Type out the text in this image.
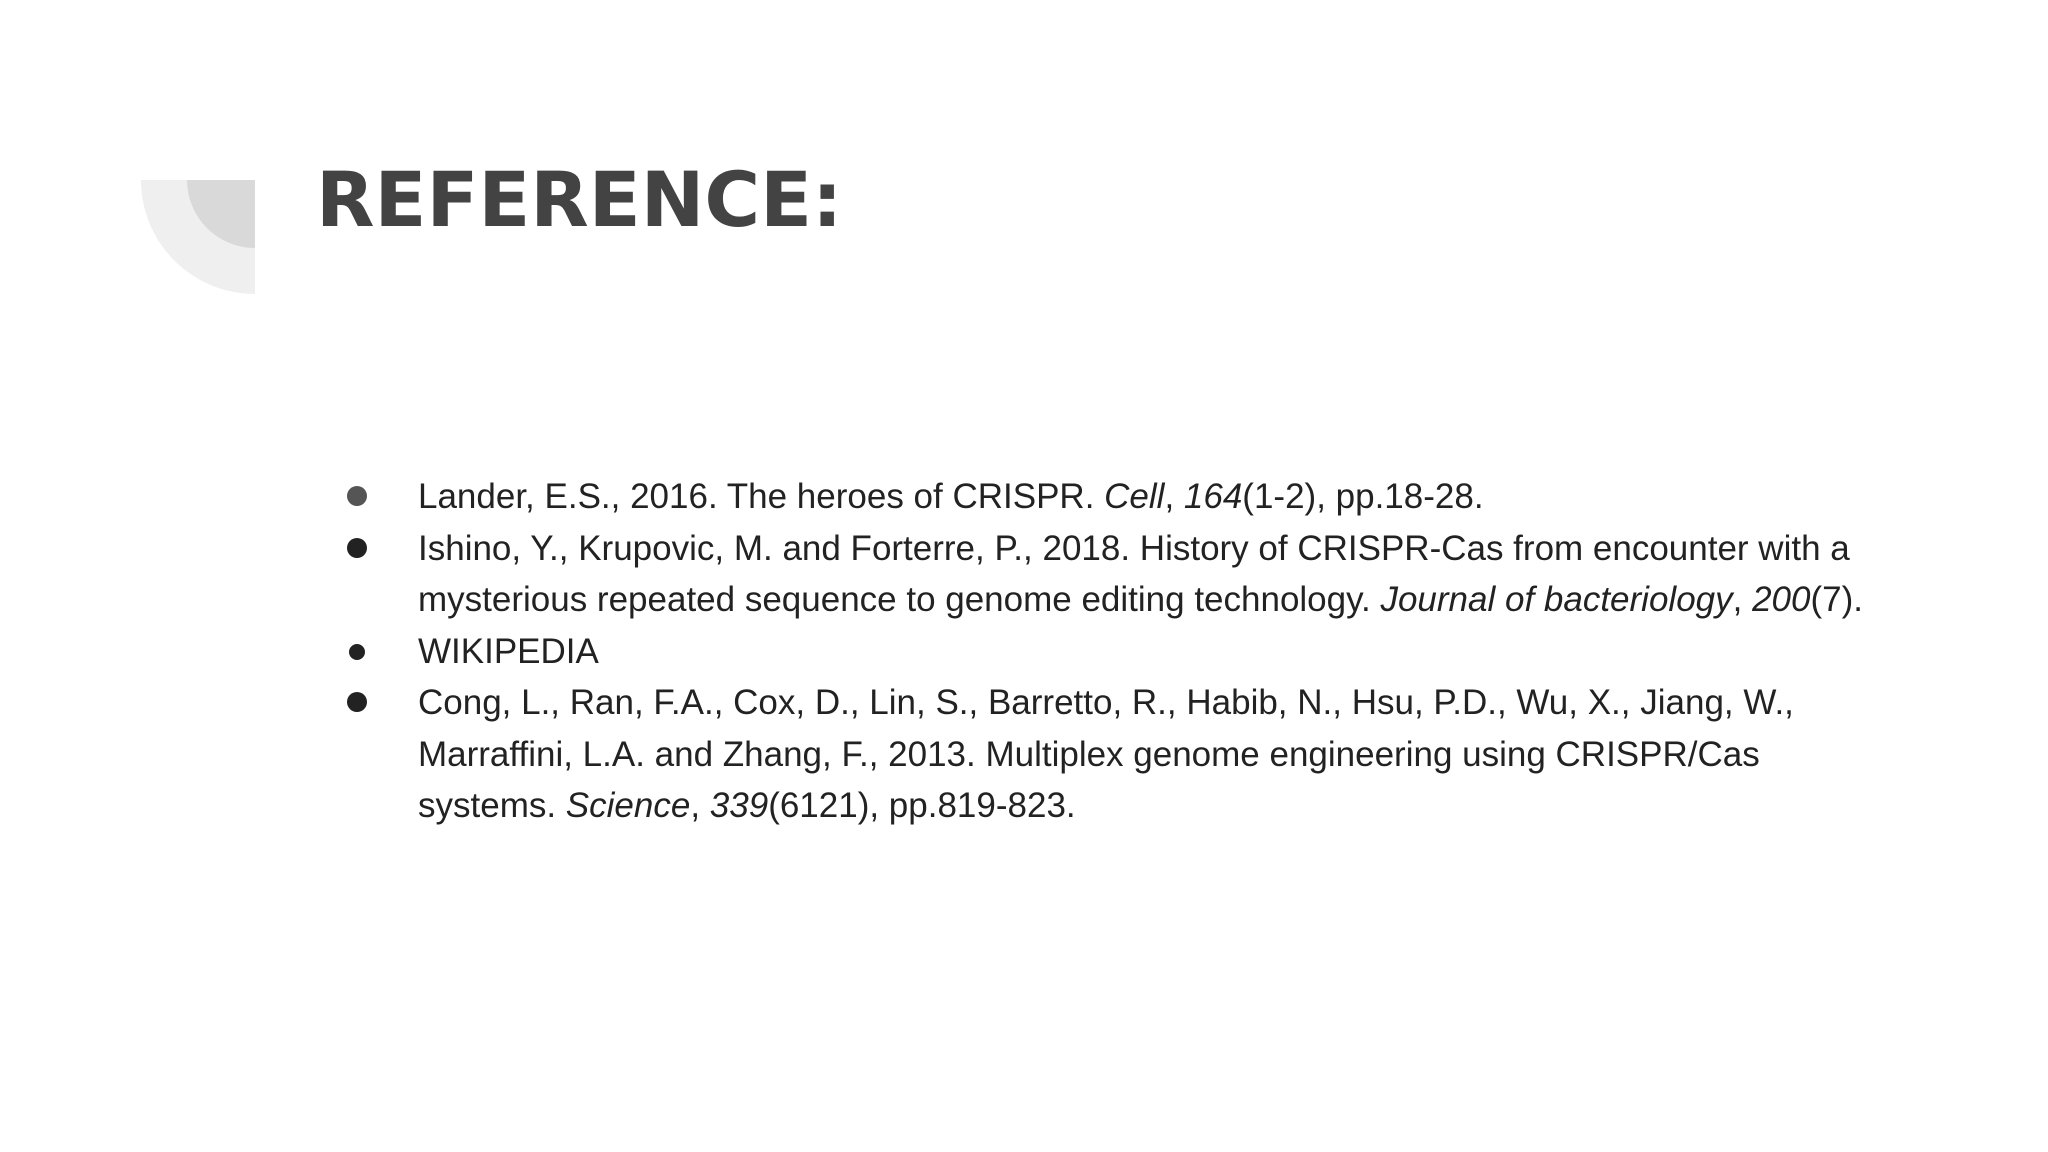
REFERENCE:
Lander, E.S., 2016. The heroes of CRISPR. Cell, 164(1-2), pp.18-28.
Ishino, Y., Krupovic, M. and Forterre, P., 2018. History of CRISPR-Cas from encounter with a mysterious repeated sequence to genome editing technology. Journal of bacteriology, 200(7).
WIKIPEDIA
Cong, L., Ran, F.A., Cox, D., Lin, S., Barretto, R., Habib, N., Hsu, P.D., Wu, X., Jiang, W., Marraffini, L.A. and Zhang, F., 2013. Multiplex genome engineering using CRISPR/Cas systems. Science, 339(6121), pp.819-823.
